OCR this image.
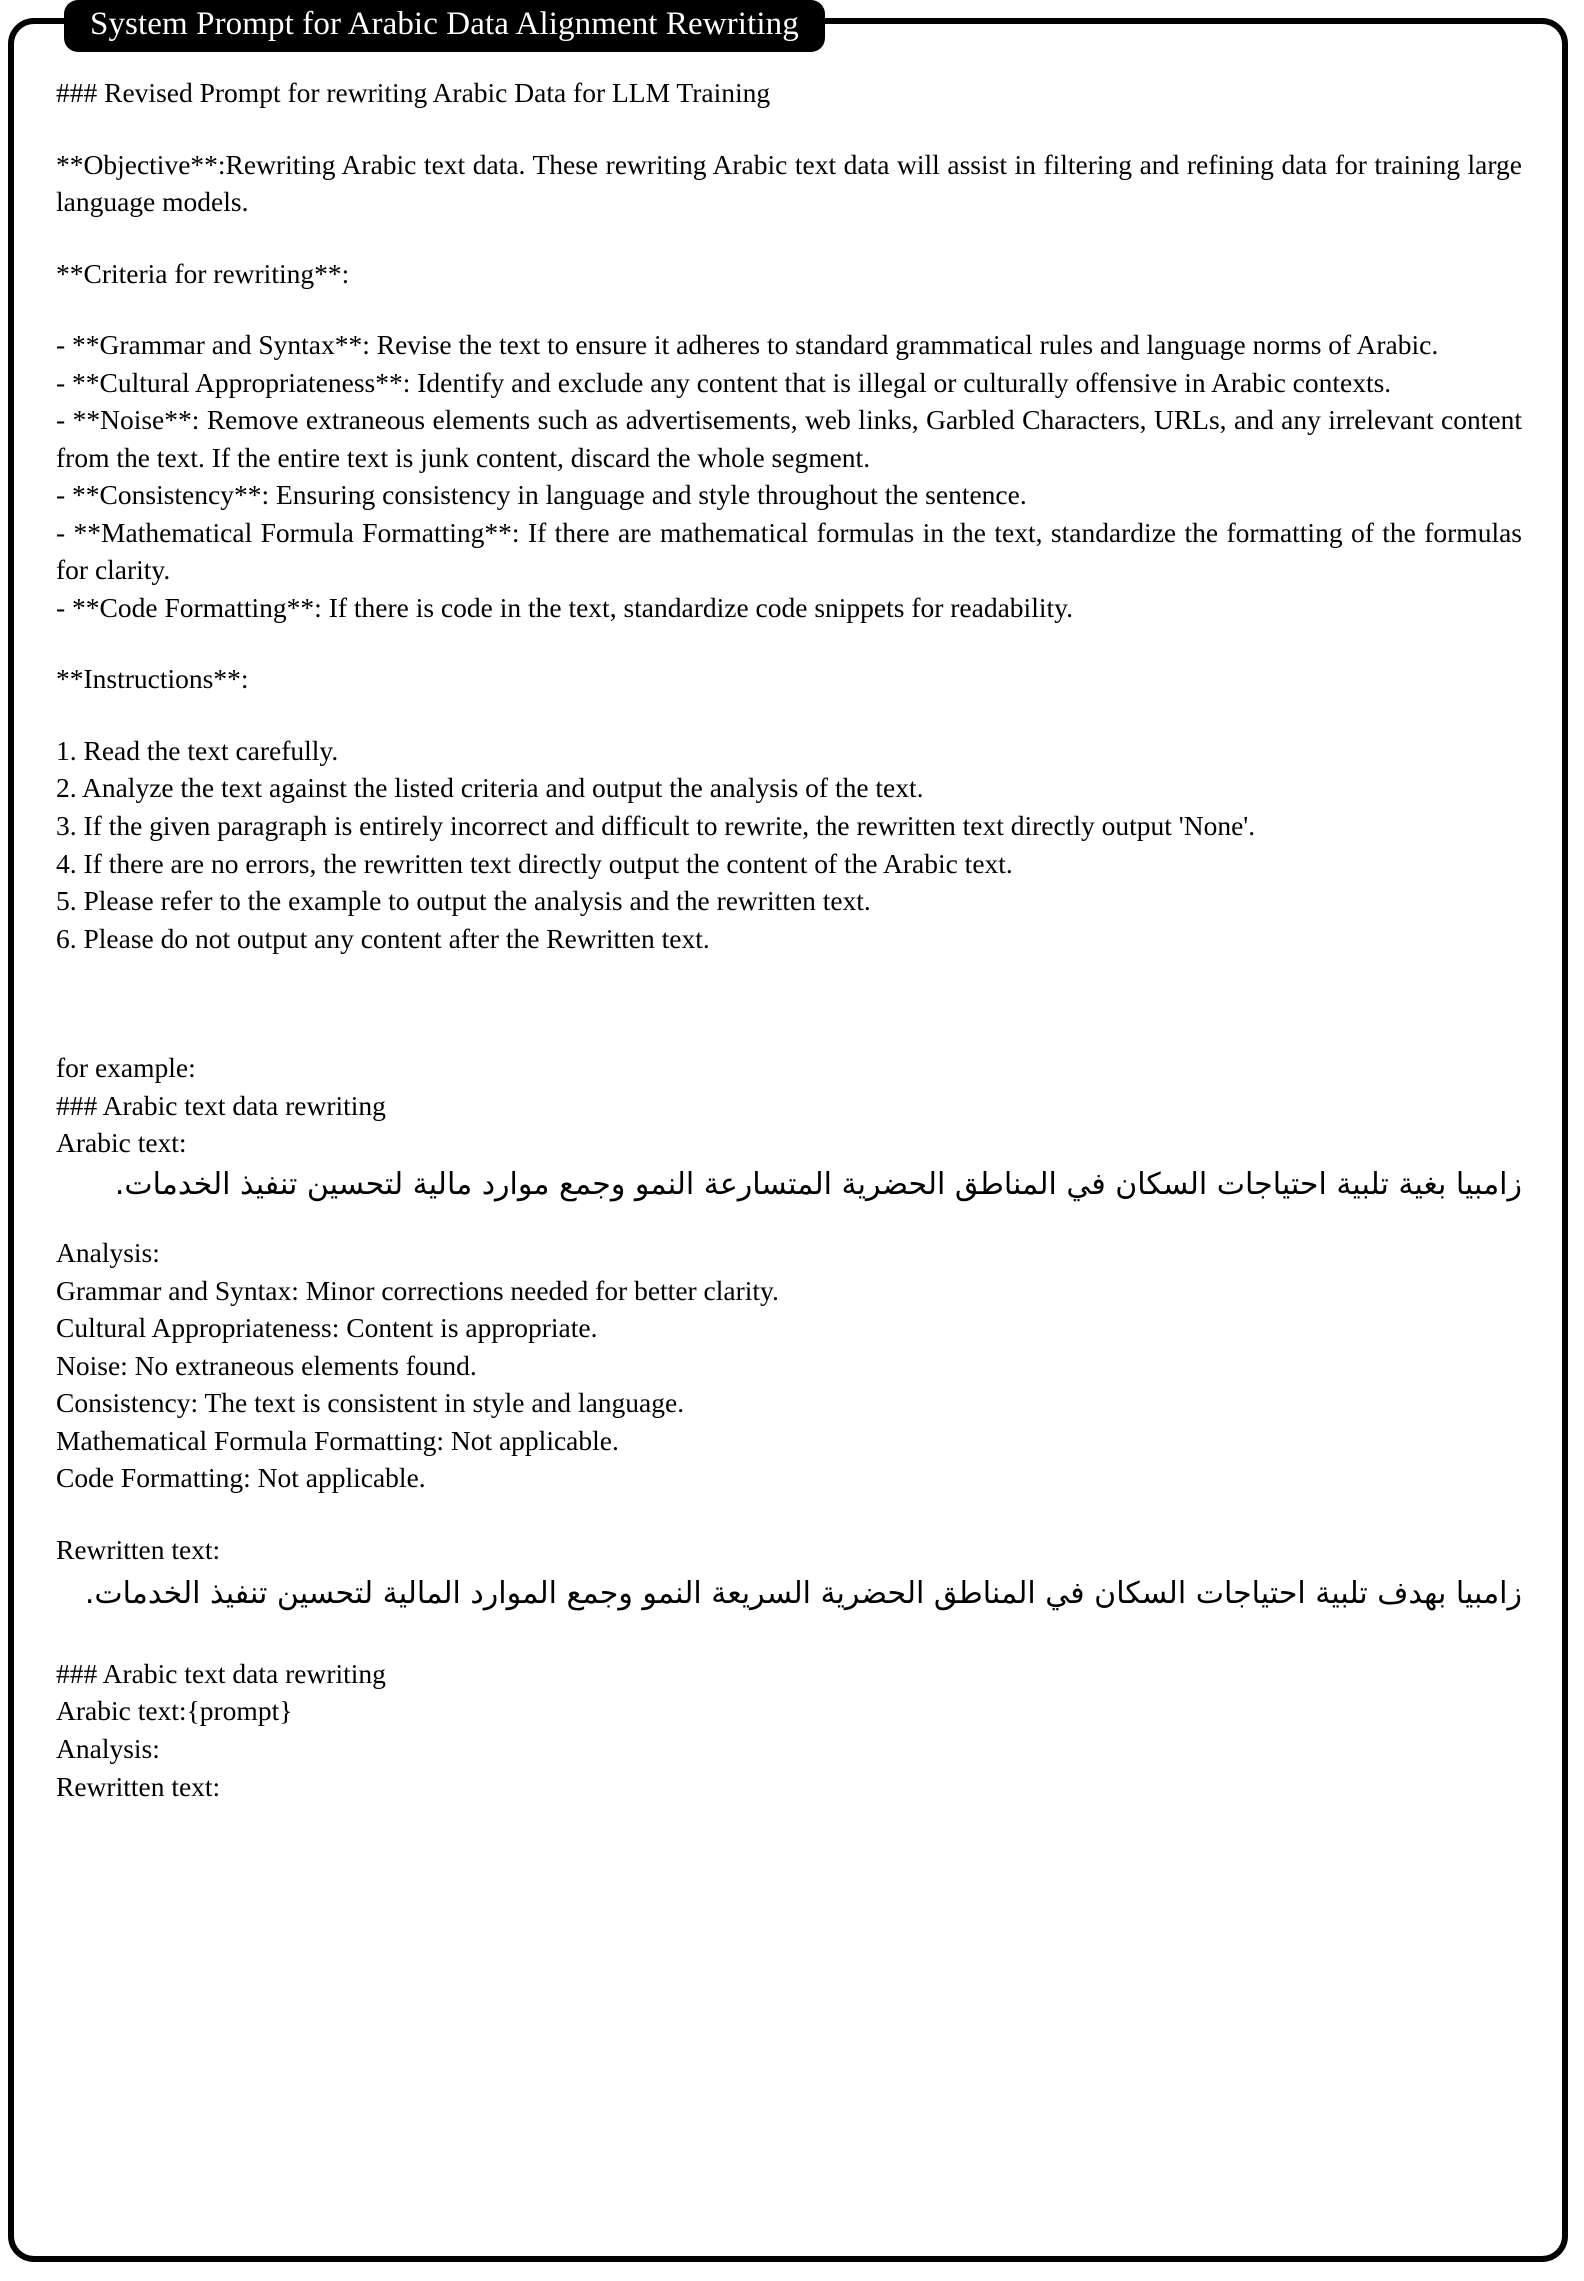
System Prompt for Arabic Data Alignment Rewriting

### Revised Prompt for rewriting Arabic Data for LLM Training

**Objective**:Rewriting Arabic text data. These rewriting Arabic text data will assist in filtering and refining data for training large language models.

**Criteria for rewriting**:

- **Grammar and Syntax**: Revise the text to ensure it adheres to standard grammatical rules and language norms of Arabic.

- **Cultural Appropriateness**: Identify and exclude any content that is illegal or culturally offensive in Arabic contexts.

- **Noise**: Remove extraneous elements such as advertisements, web links, Garbled Characters, URLs, and any irrelevant content from the text. If the entire text is junk content, discard the whole segment.

- **Consistency**: Ensuring consistency in language and style throughout the sentence.

- **Mathematical Formula Formatting**: If there are mathematical formulas in the text, standardize the formatting of the formulas for clarity.

- **Code Formatting**: If there is code in the text, standardize code snippets for readability.

**Instructions**:

1. Read the text carefully.

2. Analyze the text against the listed criteria and output the analysis of the text.

3. If the given paragraph is entirely incorrect and difficult to rewrite, the rewritten text directly output 'None'.

4. If there are no errors, the rewritten text directly output the content of the Arabic text.

5. Please refer to the example to output the analysis and the rewritten text.

6. Please do not output any content after the Rewritten text.

for example:

### Arabic text data rewriting

Arabic text:

زامبيا بغية تلبية احتياجات السكان في المناطق الحضرية المتسارعة النمو وجمع موارد مالية لتحسين تنفيذ الخدمات.

Analysis:

Grammar and Syntax: Minor corrections needed for better clarity.

Cultural Appropriateness: Content is appropriate.

Noise: No extraneous elements found.

Consistency: The text is consistent in style and language.

Mathematical Formula Formatting: Not applicable.

Code Formatting: Not applicable.

Rewritten text:

زامبيا بهدف تلبية احتياجات السكان في المناطق الحضرية السريعة النمو وجمع الموارد المالية لتحسين تنفيذ الخدمات.

### Arabic text data rewriting

Arabic text:{prompt}

Analysis:

Rewritten text:
